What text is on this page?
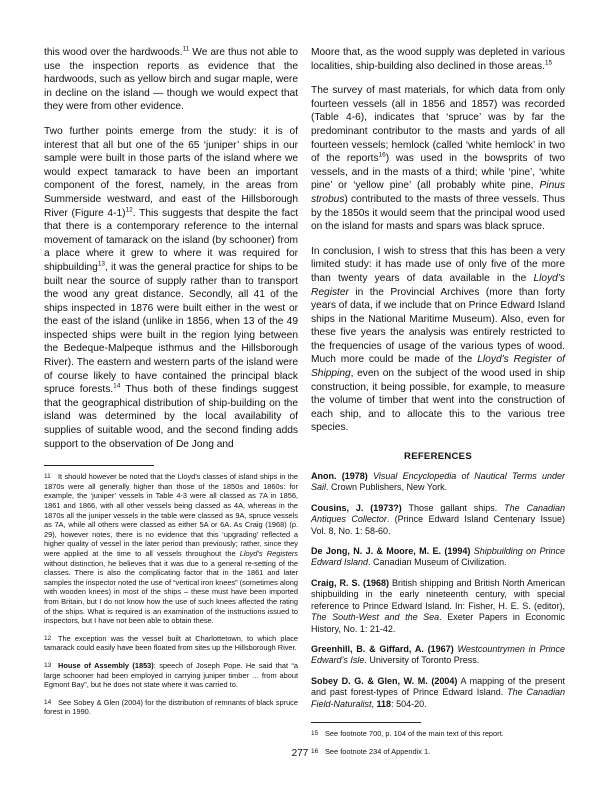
this wood over the hardwoods.$^{11}$ We are thus not able to use the inspection reports as evidence that the hardwoods, such as yellow birch and sugar maple, were in decline on the island — though we would expect that they were from other evidence.

Two further points emerge from the study: it is of interest that all but one of the 65 ‘juniper’ ships in our sample were built in those parts of the island where we would expect tamarack to have been an important component of the forest, namely, in the areas from Summerside westward, and east of the Hillsborough River (Figure 4-1)$^{12}$. This suggests that despite the fact that there is a contemporary reference to the internal movement of tamarack on the island (by schooner) from a place where it grew to where it was required for shipbuilding$^{13}$, it was the general practice for ships to be built near the source of supply rather than to transport the wood any great distance. Secondly, all 41 of the ships inspected in 1876 were built either in the west or the east of the island (unlike in 1856, when 13 of the 49 inspected ships were built in the region lying between the Bedeque-Malpeque isthmus and the Hillsborough River). The eastern and western parts of the island were of course likely to have contained the principal black spruce forests.$^{14}$ Thus both of these findings suggest that the geographical distribution of ship-building on the island was determined by the local availability of supplies of suitable wood, and the second finding adds support to the observation of De Jong and

11 It should however be noted that the Lloyd’s classes of island ships in the 1870s were all generally higher than those of the 1850s and 1860s: for example, the ‘juniper’ vessels in Table 4-3 were all classed as 7A in 1856, 1861 and 1866, with all other vessels being classed as 4A, whereas in the 1870s all the juniper vessels in the table were classed as 9A, spruce vessels as 7A, while all others were classed as either 5A or 6A. As Craig (1968) (p. 29), however notes, there is no evidence that this ‘upgrading’ reflected a higher quality of vessel in the later period than previously; rather, since they were applied at the time to all vessels throughout the Lloyd’s Registers without distinction, he believes that it was due to a general re-setting of the classes. There is also the complicating factor that in the 1861 and later samples the inspector noted the use of “vertical iron knees” (sometimes along with wooden knees) in most of the ships – these must have been imported from Britain, but I do not know how the use of such knees affected the rating of the ships. What is required is an examination of the instructions issued to inspectors, but I have not been able to obtain these.

12 The exception was the vessel built at Charlottetown, to which place tamarack could easily have been floated from sites up the Hillsborough River.

13 House of Assembly (1853): speech of Joseph Pope. He said that “a large schooner had been employed in carrying juniper timber … from about Egmont Bay”, but he does not state where it was carried to.

14 See Sobey & Glen (2004) for the distribution of remnants of black spruce forest in 1990.

Moore that, as the wood supply was depleted in various localities, ship-building also declined in those areas.$^{15}$

The survey of mast materials, for which data from only fourteen vessels (all in 1856 and 1857) was recorded (Table 4-6), indicates that ‘spruce’ was by far the predominant contributor to the masts and yards of all fourteen vessels; hemlock (called ‘white hemlock’ in two of the reports$^{16}$) was used in the bowsprits of two vessels, and in the masts of a third; while ‘pine’, ‘white pine’ or ‘yellow pine’ (all probably white pine, Pinus strobus) contributed to the masts of three vessels. Thus by the 1850s it would seem that the principal wood used on the island for masts and spars was black spruce.

In conclusion, I wish to stress that this has been a very limited study: it has made use of only five of the more than twenty years of data available in the Lloyd’s Register in the Provincial Archives (more than forty years of data, if we include that on Prince Edward Island ships in the National Maritime Museum). Also, even for these five years the analysis was entirely restricted to the frequencies of usage of the various types of wood. Much more could be made of the Lloyd’s Register of Shipping, even on the subject of the wood used in ship construction, it being possible, for example, to measure the volume of timber that went into the construction of each ship, and to allocate this to the various tree species.

REFERENCES

Anon. (1978) Visual Encyclopedia of Nautical Terms under Sail. Crown Publishers, New York.

Cousins, J. (1973?) Those gallant ships. The Canadian Antiques Collector. (Prince Edward Island Centenary Issue) Vol. 8, No. 1: 58-60.

De Jong, N. J. & Moore, M. E. (1994) Shipbuilding on Prince Edward Island. Canadian Museum of Civilization.

Craig, R. S. (1968) British shipping and British North American shipbuilding in the early nineteenth century, with special reference to Prince Edward Island. In: Fisher, H. E. S. (editor), The South-West and the Sea. Exeter Papers in Economic History, No. 1: 21-42.

Greenhill, B. & Giffard, A. (1967) Westcountrymen in Prince Edward’s Isle. University of Toronto Press.

Sobey D. G. & Glen, W. M. (2004) A mapping of the present and past forest-types of Prince Edward Island. The Canadian Field-Naturalist, 118: 504-20.

15 See footnote 700, p. 104 of the main text of this report.

16 See footnote 234 of Appendix 1.

277
